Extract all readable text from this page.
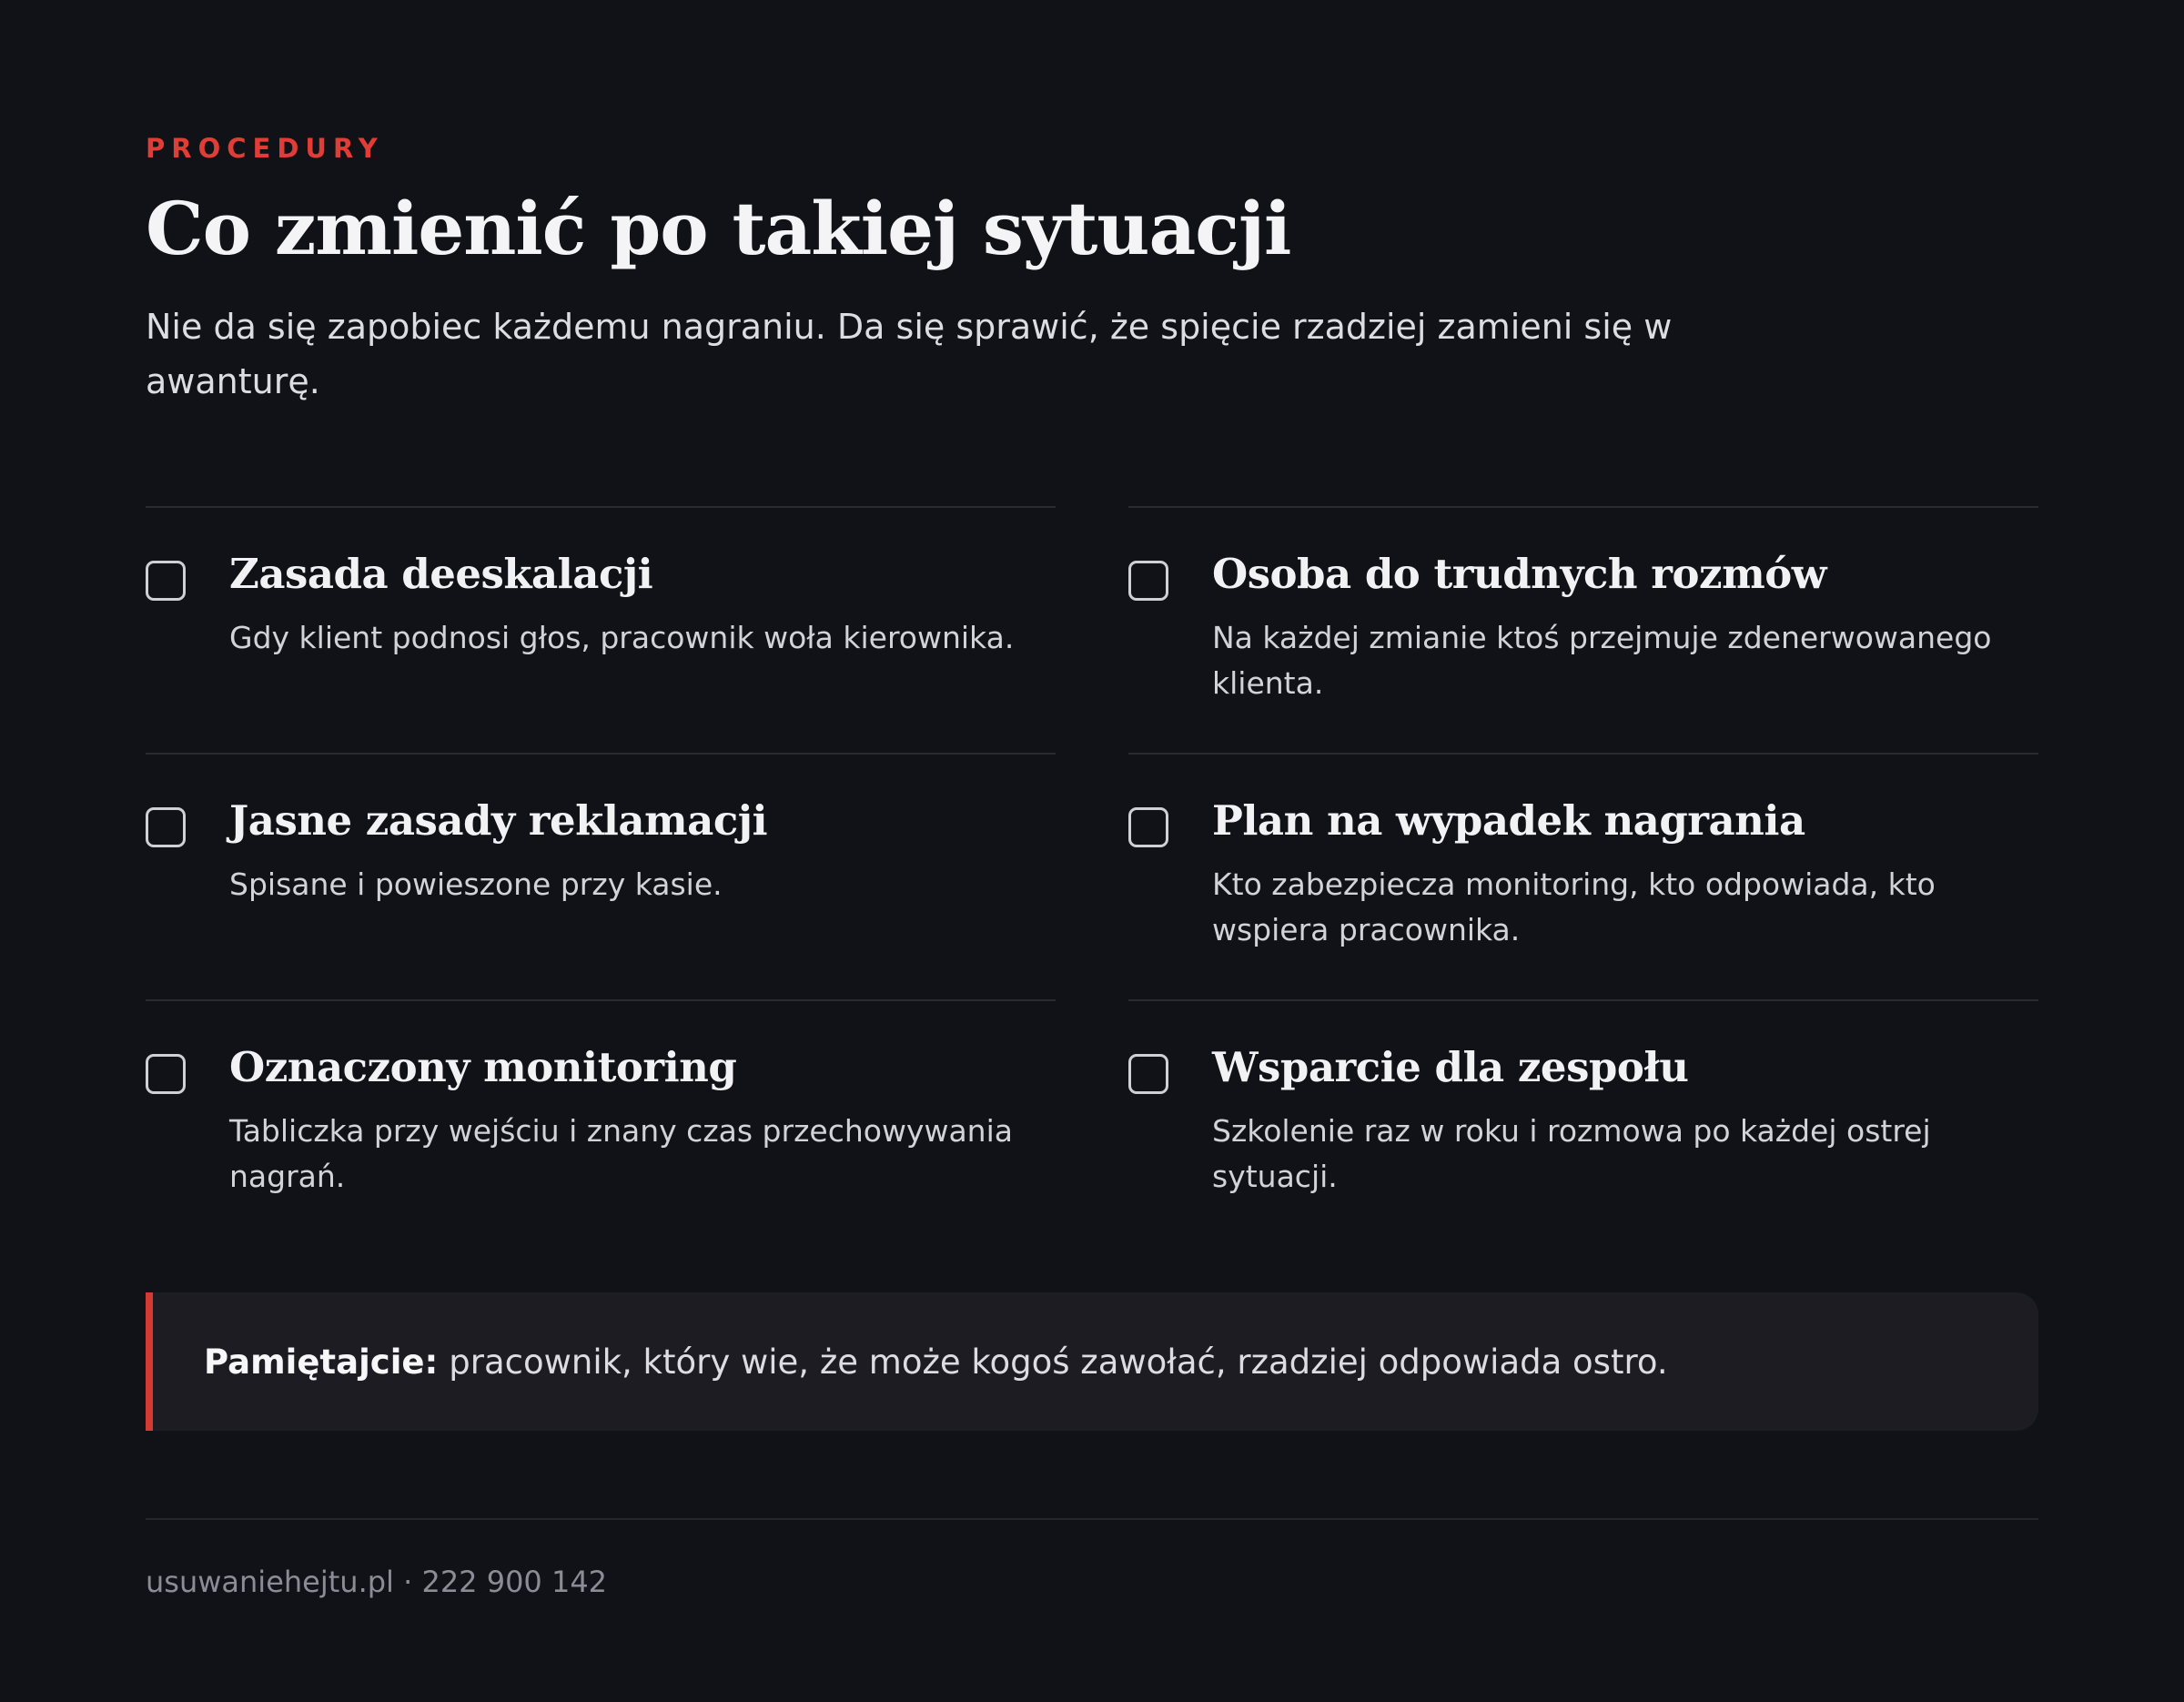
PROCEDURY
Co zmienić po takiej sytuacji
Nie da się zapobiec każdemu nagraniu. Da się sprawić, że spięcie rzadziej zamieni się w awanturę.
Zasada deeskalacji
Gdy klient podnosi głos, pracownik woła kierownika.
Osoba do trudnych rozmów
Na każdej zmianie ktoś przejmuje zdenerwowanego klienta.
Jasne zasady reklamacji
Spisane i powieszone przy kasie.
Plan na wypadek nagrania
Kto zabezpiecza monitoring, kto odpowiada, kto wspiera pracownika.
Oznaczony monitoring
Tabliczka przy wejściu i znany czas przechowywania nagrań.
Wsparcie dla zespołu
Szkolenie raz w roku i rozmowa po każdej ostrej sytuacji.
Pamiętajcie: pracownik, który wie, że może kogoś zawołać, rzadziej odpowiada ostro.
usuwaniehejtu.pl · 222 900 142
